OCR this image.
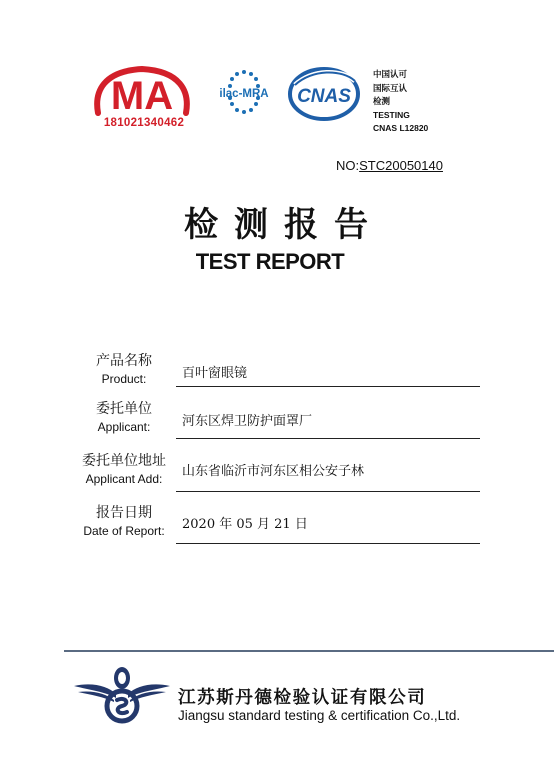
MA
18102134046​2
ilac-MRA CNAS
中国认可
国际互认
检测
TESTING
CNAS L12820
NO:STC20050140
检测报告
TEST REPORT
产品名称
Product:	百叶窗眼镜
委托单位
Applicant:	河东区焊卫防护面罩厂
委托单位地址
Applicant Add:	山东省临沂市河东区相公安子林
报告日期
Date of Report:	2020 年 05 月 21 日
江苏斯丹德检验认证有限公司
Jiangsu standard testing & certification Co.,Ltd.
